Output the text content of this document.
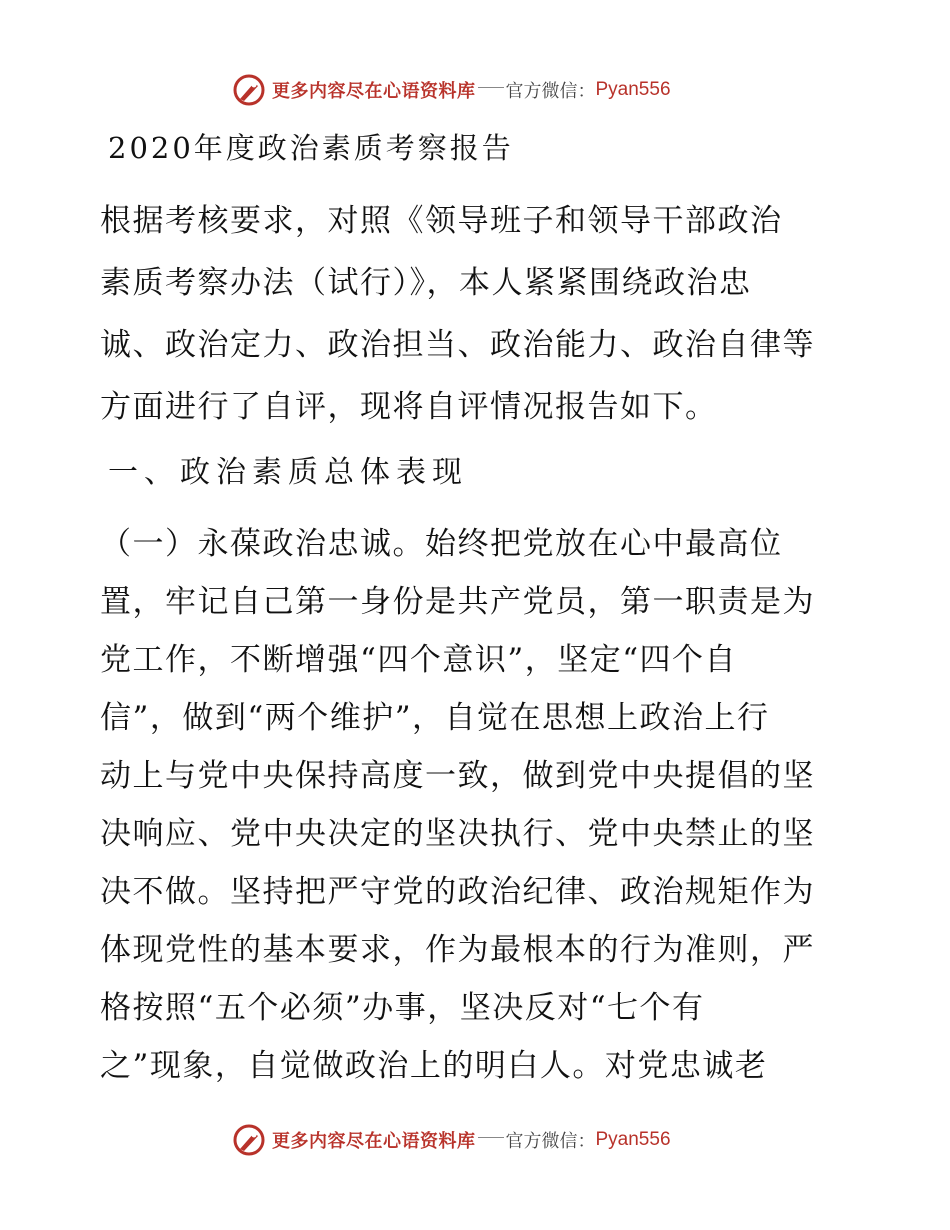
更多内容尽在心语资料库 官方微信： Pyan556
2020年度政治素质考察报告
根据考核要求，对照《领导班子和领导干部政治
素质考察办法（试行）》，本人紧紧围绕政治忠
诚、政治定力、政治担当、政治能力、政治自律等
方面进行了自评，现将自评情况报告如下。
一、政治素质总体表现
（一）永葆政治忠诚。始终把党放在心中最高位
置，牢记自己第一身份是共产党员，第一职责是为
党工作，不断增强“四个意识”，坚定“四个自
信”，做到“两个维护”，自觉在思想上政治上行
动上与党中央保持高度一致，做到党中央提倡的坚
决响应、党中央决定的坚决执行、党中央禁止的坚
决不做。坚持把严守党的政治纪律、政治规矩作为
体现党性的基本要求，作为最根本的行为准则，严
格按照“五个必须”办事，坚决反对“七个有
之”现象，自觉做政治上的明白人。对党忠诚老
更多内容尽在心语资料库 官方微信： Pyan556
